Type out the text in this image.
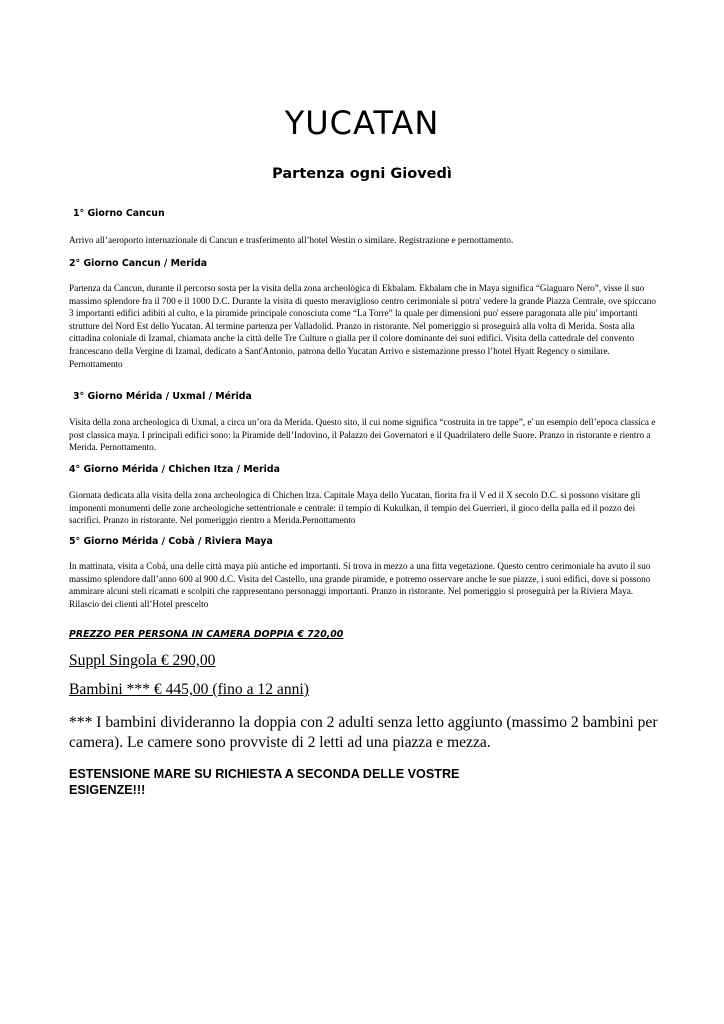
YUCATAN
Partenza ogni Giovedì
1° Giorno Cancun

Arrivo all’aeroporto internazionale di Cancun e trasferimento all’hotel Westin o similare. Registrazione e pernottamento.

2° Giorno Cancun / Merida

Partenza da Cancun, durante il percorso sosta per la visita della zona archeològica di Ekbalam. Ekbalam che in Maya significa “Giaguaro Nero”, visse il suo massimo splendore fra il 700 e il 1000 D.C. Durante la visita di questo meraviglioso centro cerimoniale si potra' vedere la grande Piazza Centrale, ove spiccano 3 importanti edifici adibiti al culto, e la piramide principale conosciuta come “La Torre” la quale per dimensioni puo' essere paragonata alle piu' importanti strutture del Nord Est dello Yucatan. Al termine partenza per Valladolid. Pranzo in ristorante. Nel pomeriggio si proseguirà alla volta di Merida. Sosta alla cittadina coloniale di Izamal, chiamata anche la città delle Tre Culture o gialla per il colore dominante dei suoi edifici. Visita della cattedrale del convento francescano della Vergine di Izamal, dedicato a Sant'Antonio, patrona dello Yucatan Arrivo e sistemazione presso l’hotel Hyatt Regency o similare. Pernottamento

3° Giorno Mérida / Uxmal / Mérida

Visita della zona archeologica di Uxmal, a circa un’ora da Merida. Questo sito, il cui nome significa “costruita in tre tappe”, e' un esempio dell’epoca classica e post classica maya. I principali edifici sono: la Piramide dell’Indovino, il Palazzo dei Governatori e il Quadrilatero delle Suore. Pranzo in ristorante e rientro a Merida. Pernottamento.

4° Giorno Mérida / Chichen Itza / Merida

Giornata dedicata alla visita della zona archeologica di Chichen Itza. Capitale Maya dello Yucatan, fiorita fra il V ed il X secolo D.C. si possono visitare gli imponenti monumenti delle zone archeologiche settentrionale e centrale: il tempio di Kukulkan, il tempio dei Guerrieri, il gioco della palla ed il pozzo dei sacrifici. Pranzo in ristorante. Nel pomeriggio rientro a Merida.Pernottamento

5° Giorno Mérida / Cobà / Riviera Maya

In mattinata, visita a Cobá, una delle città maya più antiche ed importanti. Si trova in mezzo a una fitta vegetazione. Questo centro cerimoniale ha avuto il suo massimo splendore dall’anno 600 al 900 d.C. Visita del Castello, una grande piramide, e potremo osservare anche le sue piazze, i suoi edifici, dove si possono ammirare alcuni steli ricamati e scolpiti che rappresentano personaggi importanti. Pranzo in ristorante. Nel pomeriggio si proseguirà per la Riviera Maya. Rilascio dei clienti all’Hotel prescelto

PREZZO PER PERSONA IN CAMERA DOPPIA € 720,00
Suppl Singola € 290,00
Bambini *** € 445,00 (fino a 12 anni)

*** I bambini divideranno la doppia con 2 adulti senza letto aggiunto (massimo 2 bambini per camera). Le camere sono provviste di 2 letti ad una piazza e mezza.

ESTENSIONE MARE SU RICHIESTA A SECONDA DELLE VOSTRE ESIGENZE!!!
